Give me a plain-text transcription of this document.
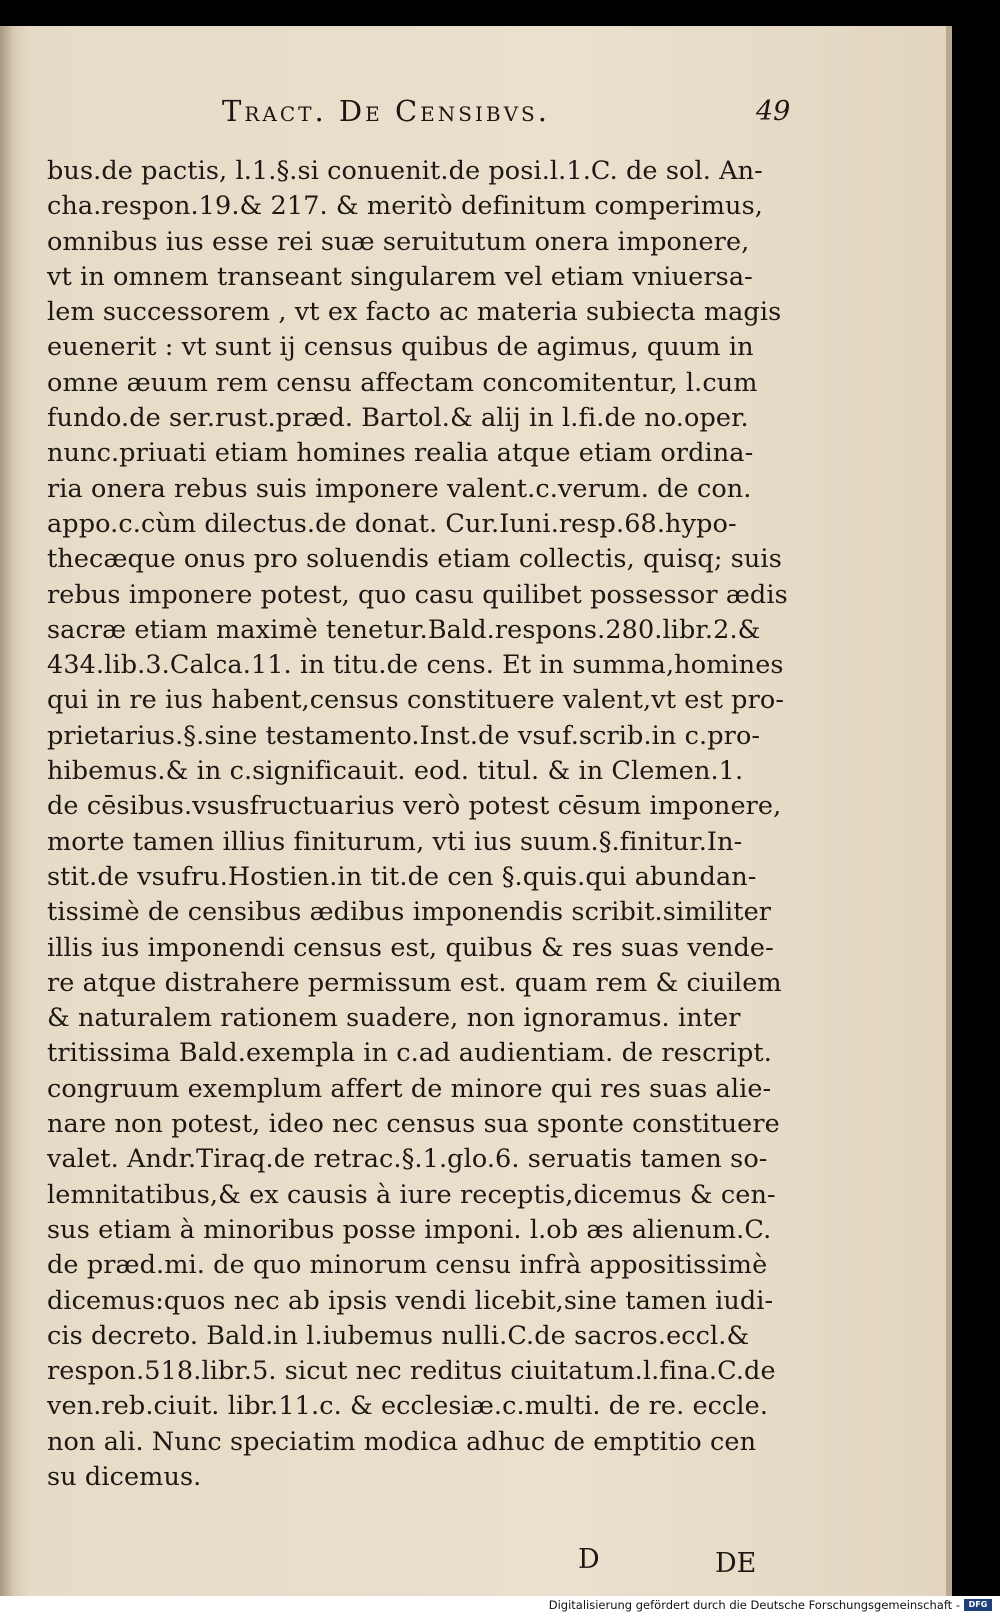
Tract. De Censibvs.	49
bus.de pactis, l.1.§.si conuenit.de posi.l.1.C. de sol. An-
cha.respon.19.& 217. & meritò definitum comperimus,
omnibus ius esse rei suæ seruitutum onera imponere,
vt in omnem transeant singularem vel etiam vniuersa-
lem successorem , vt ex facto ac materia subiecta magis
euenerit : vt sunt ij census quibus de agimus, quum in
omne æuum rem censu affectam concomitentur, l.cum
fundo.de ser.rust.præd. Bartol.& alij in l.fi.de no.oper.
nunc.priuati etiam homines realia atque etiam ordina-
ria onera rebus suis imponere valent.c.verum. de con.
appo.c.cùm dilectus.de donat. Cur.Iuni.resp.68.hypo-
thecæque onus pro soluendis etiam collectis, quisq; suis
rebus imponere potest, quo casu quilibet possessor ædis
sacræ etiam maximè tenetur.Bald.respons.280.libr.2.&
434.lib.3.Calca.11. in titu.de cens. Et in summa,homines
qui in re ius habent,census constituere valent,vt est pro-
prietarius.§.sine testamento.Inst.de vsuf.scrib.in c.pro-
hibemus.& in c.significauit. eod. titul. & in Clemen.1.
de cēsibus.vsusfructuarius verò potest cēsum imponere,
morte tamen illius finiturum, vti ius suum.§.finitur.In-
stit.de vsufru.Hostien.in tit.de cen §.quis.qui abundan-
tissimè de censibus ædibus imponendis scribit.similiter
illis ius imponendi census est, quibus & res suas vende-
re atque distrahere permissum est. quam rem & ciuilem
& naturalem rationem suadere, non ignoramus. inter
tritissima Bald.exempla in c.ad audientiam. de rescript.
congruum exemplum affert de minore qui res suas alie-
nare non potest, ideo nec census sua sponte constituere
valet. Andr.Tiraq.de retrac.§.1.glo.6. seruatis tamen so-
lemnitatibus,& ex causis à iure receptis,dicemus & cen-
sus etiam à minoribus posse imponi. l.ob æs alienum.C.
de præd.mi. de quo minorum censu infrà appositissimè
dicemus:quos nec ab ipsis vendi licebit,sine tamen iudi-
cis decreto. Bald.in l.iubemus nulli.C.de sacros.eccl.&
respon.518.libr.5. sicut nec reditus ciuitatum.l.fina.C.de
ven.reb.ciuit. libr.11.c. & ecclesiæ.c.multi. de re. eccle.
non ali. Nunc speciatim modica adhuc de emptitio cen
su dicemus.
D	DE
Digitalisierung gefördert durch die Deutsche Forschungsgemeinschaft -	DFG
